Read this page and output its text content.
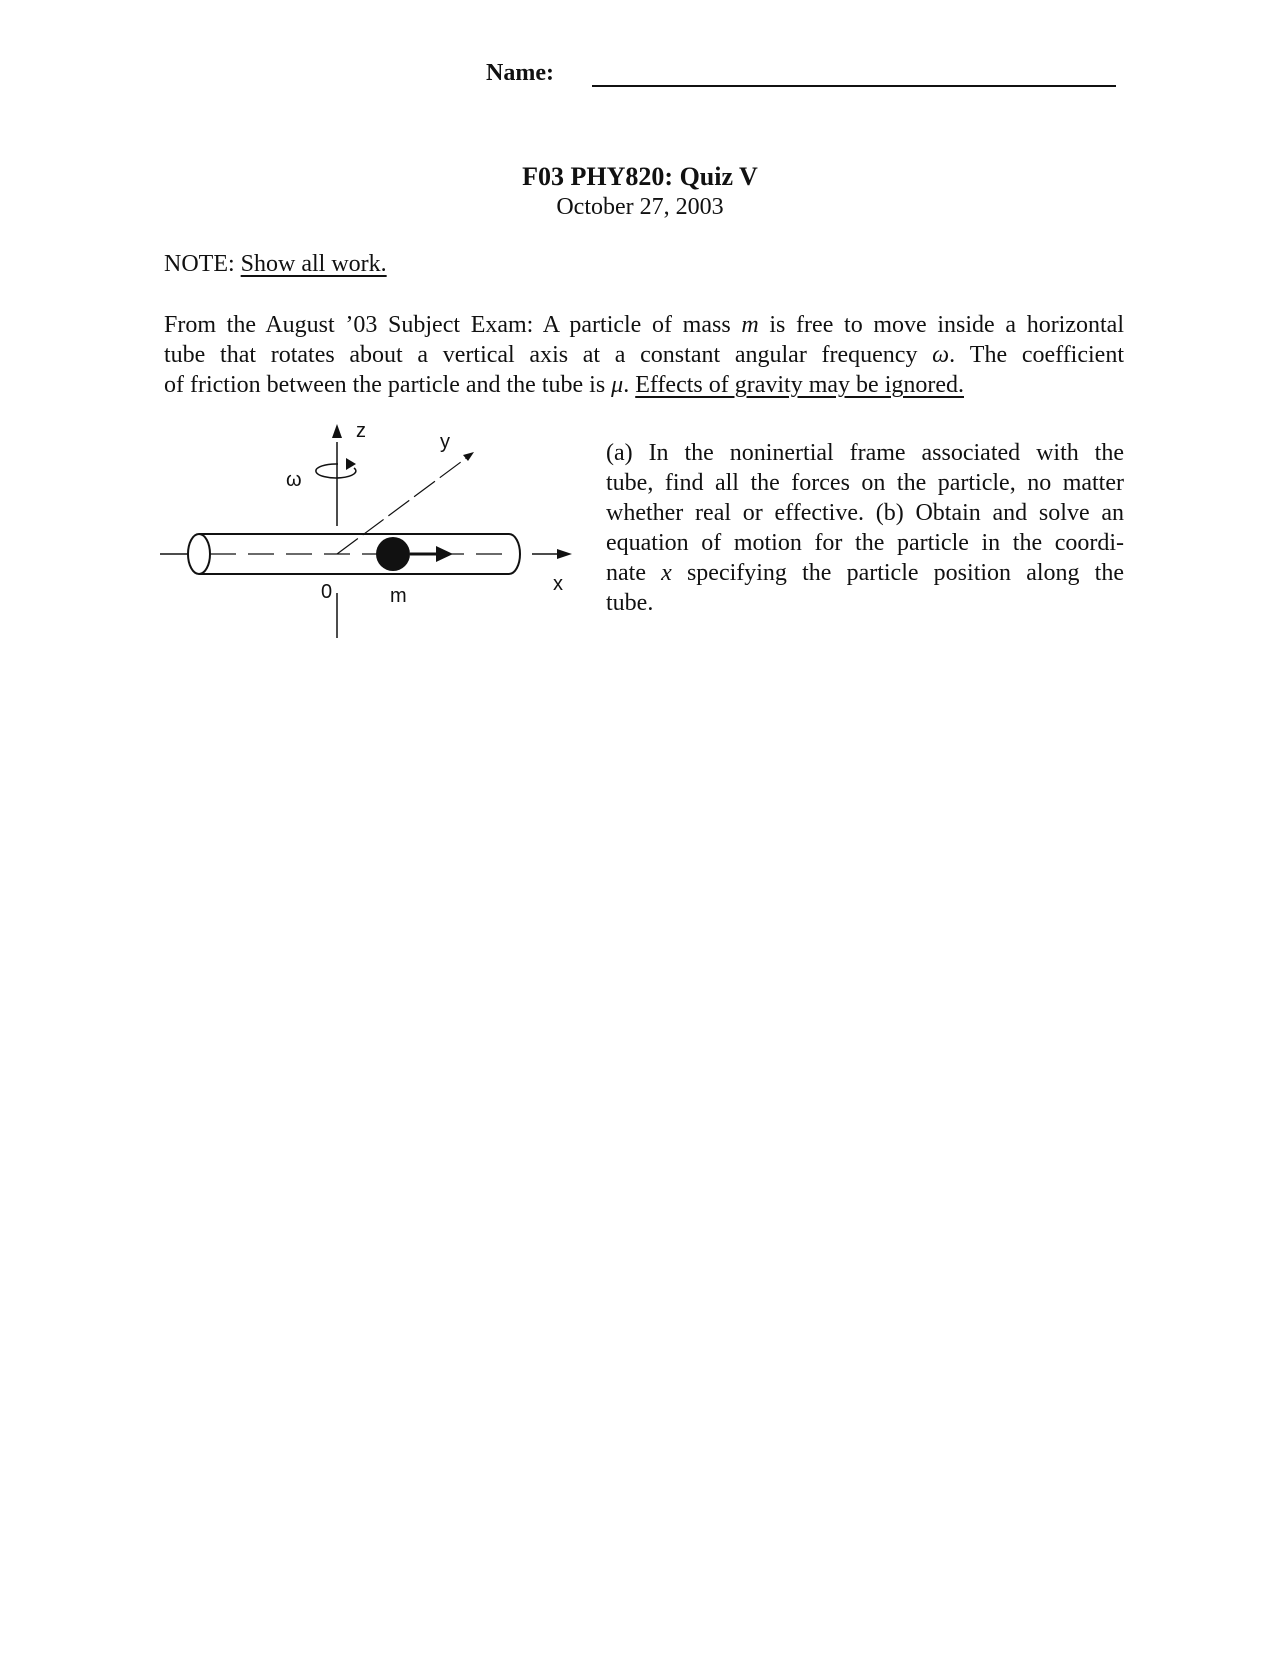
Name:
F03 PHY820: Quiz V
October 27, 2003
NOTE: Show all work.
From the August ’03 Subject Exam: A particle of mass m is free to move inside a horizontal
tube that rotates about a vertical axis at a constant angular frequency ω. The coefficient
of friction between the particle and the tube is μ. Effects of gravity may be ignored.
z
ω
y
x
0	m
(a) In the noninertial frame associated with the
tube, find all the forces on the particle, no matter
whether real or effective. (b) Obtain and solve an
equation of motion for the particle in the coordi-
nate x specifying the particle position along the
tube.
